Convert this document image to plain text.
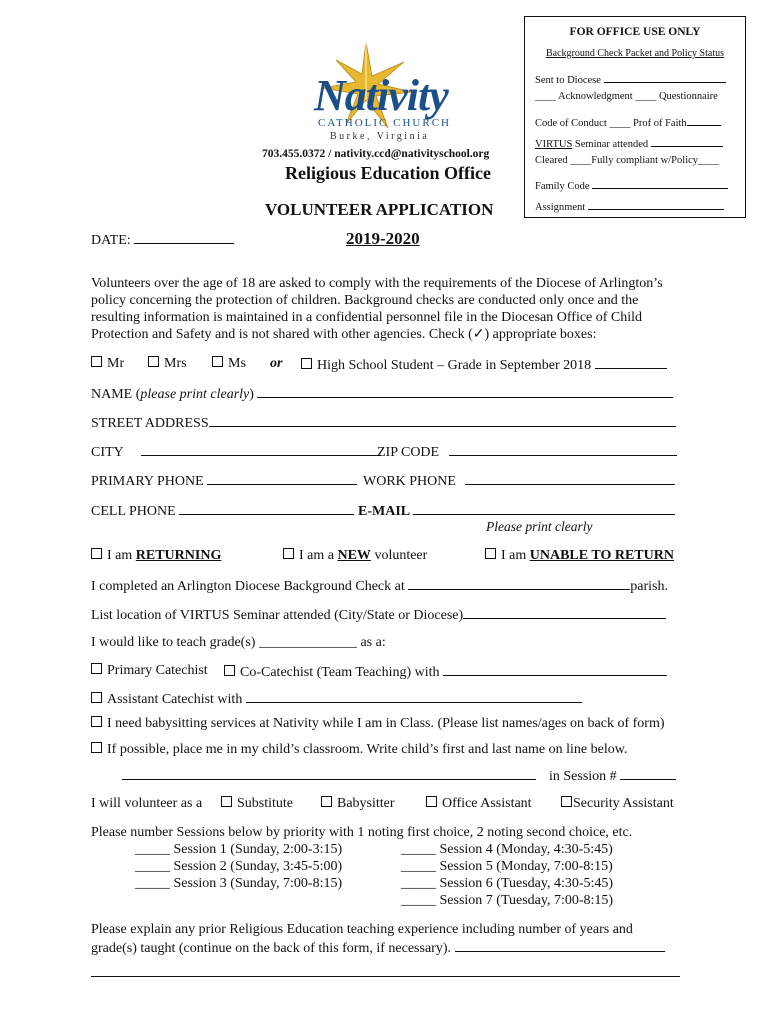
FOR OFFICE USE ONLY
Background Check Packet and Policy Status
Sent to Diocese
____ Acknowledgment ____ Questionnaire
Code of Conduct ____ Prof of Faith
VIRTUS Seminar attended
Cleared ____Fully compliant w/Policy____
Family Code
Assignment
Nativity
CATHOLIC CHURCH
Burke, Virginia
703.455.0372 / nativity.ccd@nativityschool.org
Religious Education Office
VOLUNTEER APPLICATION
2019-2020
DATE:
Volunteers over the age of 18 are asked to comply with the requirements of the Diocese of Arlington’s
policy concerning the protection of children. Background checks are conducted only once and the
resulting information is maintained in a confidential personnel file in the Diocesan Office of Child
Protection and Safety and is not shared with other agencies. Check (✓) appropriate boxes:
Mr	Mrs	Ms or	High School Student – Grade in September 2018
NAME (please print clearly)
STREET ADDRESS
CITY	ZIP CODE
PRIMARY PHONE	WORK PHONE
CELL PHONE	E-MAIL
Please print clearly
I am RETURNING	I am a NEW volunteer	I am UNABLE TO RETURN
I completed an Arlington Diocese Background Check at	parish.
List location of VIRTUS Seminar attended (City/State or Diocese)
I would like to teach grade(s) ______________ as a:
Primary Catechist	Co-Catechist (Team Teaching) with
Assistant Catechist with
I need babysitting services at Nativity while I am in Class. (Please list names/ages on back of form)
If possible, place me in my child’s classroom. Write child’s first and last name on line below.
in Session #
I will volunteer as a	Substitute	Babysitter	Office Assistant	Security Assistant
Please number Sessions below by priority with 1 noting first choice, 2 noting second choice, etc.
_____ Session 1 (Sunday, 2:00-3:15)
_____ Session 2 (Sunday, 3:45-5:00)
_____ Session 3 (Sunday, 7:00-8:15)
_____ Session 4 (Monday, 4:30-5:45)
_____ Session 5 (Monday, 7:00-8:15)
_____ Session 6 (Tuesday, 4:30-5:45)
_____ Session 7 (Tuesday, 7:00-8:15)
Please explain any prior Religious Education teaching experience including number of years and
grade(s) taught (continue on the back of this form, if necessary).
